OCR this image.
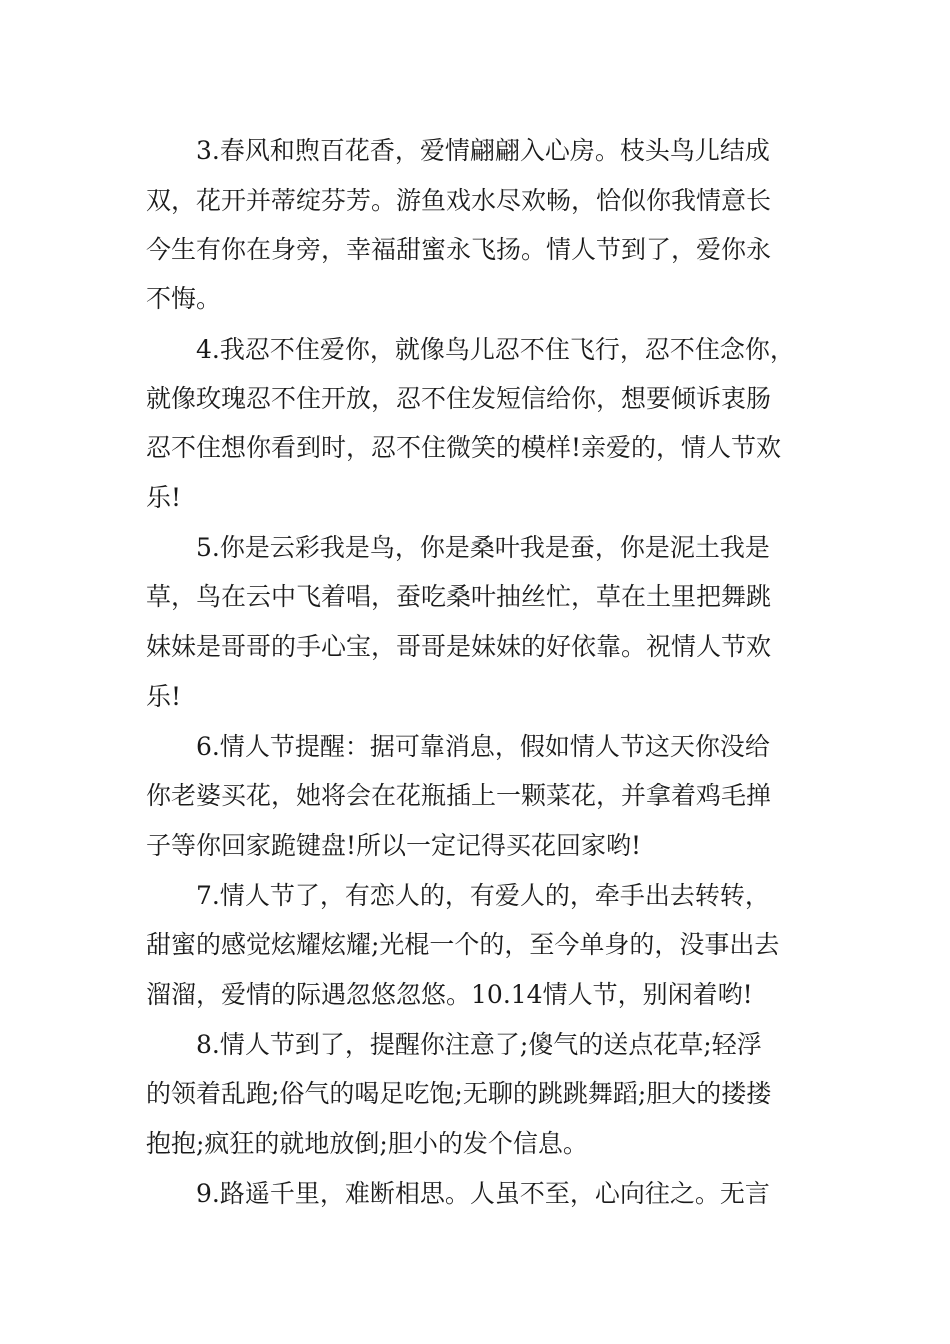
3.春风和煦百花香，爱情翩翩入心房。枝头鸟儿结成

双，花开并蒂绽芬芳。游鱼戏水尽欢畅，恰似你我情意长

今生有你在身旁，幸福甜蜜永飞扬。情人节到了，爱你永

不悔。

4.我忍不住爱你，就像鸟儿忍不住飞行，忍不住念你，

就像玫瑰忍不住开放，忍不住发短信给你，想要倾诉衷肠

忍不住想你看到时，忍不住微笑的模样!亲爱的，情人节欢

乐!

5.你是云彩我是鸟，你是桑叶我是蚕，你是泥土我是

草，鸟在云中飞着唱，蚕吃桑叶抽丝忙，草在土里把舞跳

妹妹是哥哥的手心宝，哥哥是妹妹的好依靠。祝情人节欢

乐!

6.情人节提醒：据可靠消息，假如情人节这天你没给

你老婆买花，她将会在花瓶插上一颗菜花，并拿着鸡毛掸

子等你回家跪键盘!所以一定记得买花回家哟!

7.情人节了，有恋人的，有爱人的，牵手出去转转，

甜蜜的感觉炫耀炫耀;光棍一个的，至今单身的，没事出去

溜溜，爱情的际遇忽悠忽悠。10.14情人节，别闲着哟!

8.情人节到了，提醒你注意了;傻气的送点花草;轻浮

的领着乱跑;俗气的喝足吃饱;无聊的跳跳舞蹈;胆大的搂搂

抱抱;疯狂的就地放倒;胆小的发个信息。

9.路遥千里，难断相思。人虽不至，心向往之。无言
